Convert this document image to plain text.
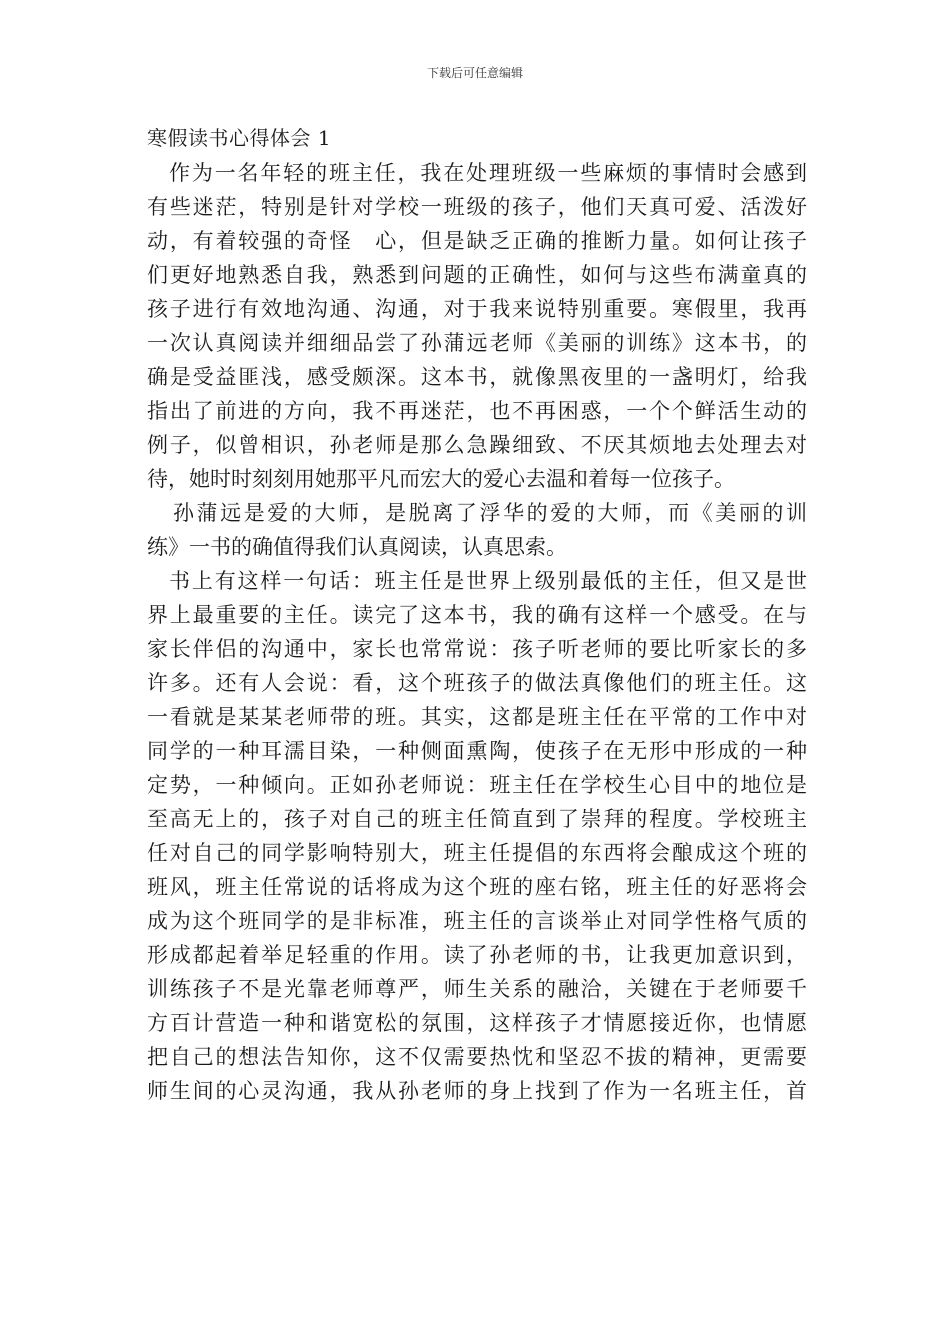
下载后可任意编辑
寒假读书心得体会 1
作为一名年轻的班主任，我在处理班级一些麻烦的事情时会感到
有些迷茫，特别是针对学校一班级的孩子，他们天真可爱、活泼好
动，有着较强的奇怪　心，但是缺乏正确的推断力量。如何让孩子
们更好地熟悉自我，熟悉到问题的正确性，如何与这些布满童真的
孩子进行有效地沟通、沟通，对于我来说特别重要。寒假里，我再
一次认真阅读并细细品尝了孙蒲远老师《美丽的训练》这本书，的
确是受益匪浅，感受颇深。这本书，就像黑夜里的一盏明灯，给我
指出了前进的方向，我不再迷茫，也不再困惑，一个个鲜活生动的
例子，似曾相识，孙老师是那么急躁细致、不厌其烦地去处理去对
待，她时时刻刻用她那平凡而宏大的爱心去温和着每一位孩子。
孙蒲远是爱的大师，是脱离了浮华的爱的大师，而《美丽的训
练》一书的确值得我们认真阅读，认真思索。
书上有这样一句话：班主任是世界上级别最低的主任，但又是世
界上最重要的主任。读完了这本书，我的确有这样一个感受。在与
家长伴侣的沟通中，家长也常常说：孩子听老师的要比听家长的多
许多。还有人会说：看，这个班孩子的做法真像他们的班主任。这
一看就是某某老师带的班。其实，这都是班主任在平常的工作中对
同学的一种耳濡目染，一种侧面熏陶，使孩子在无形中形成的一种
定势，一种倾向。正如孙老师说：班主任在学校生心目中的地位是
至高无上的，孩子对自己的班主任简直到了崇拜的程度。学校班主
任对自己的同学影响特别大，班主任提倡的东西将会酿成这个班的
班风，班主任常说的话将成为这个班的座右铭，班主任的好恶将会
成为这个班同学的是非标准，班主任的言谈举止对同学性格气质的
形成都起着举足轻重的作用。读了孙老师的书，让我更加意识到，
训练孩子不是光靠老师尊严，师生关系的融洽，关键在于老师要千
方百计营造一种和谐宽松的氛围，这样孩子才情愿接近你，也情愿
把自己的想法告知你，这不仅需要热忱和坚忍不拔的精神，更需要
师生间的心灵沟通，我从孙老师的身上找到了作为一名班主任，首
